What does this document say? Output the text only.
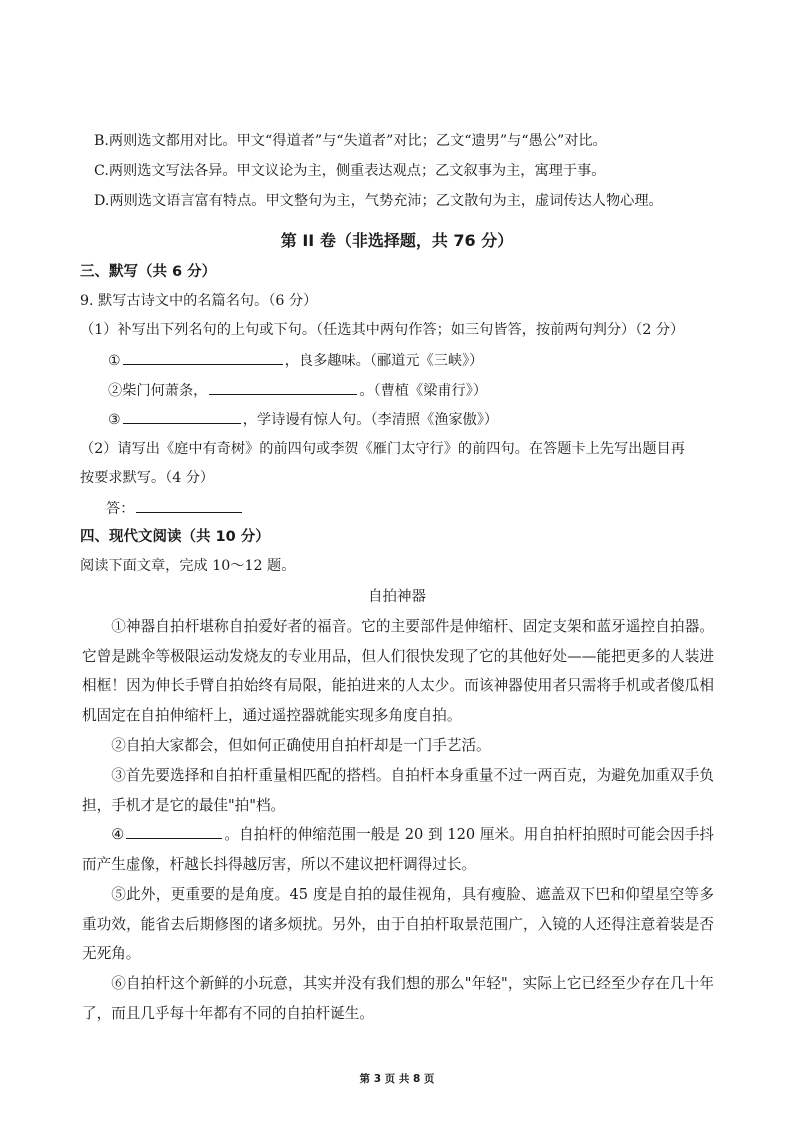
B.两则选文都用对比。甲文“得道者”与“失道者”对比；乙文“遗男”与“愚公”对比。
C.两则选文写法各异。甲文议论为主，侧重表达观点；乙文叙事为主，寓理于事。
D.两则选文语言富有特点。甲文整句为主，气势充沛；乙文散句为主，虚词传达人物心理。
第 II 卷（非选择题，共 76 分）
三、默写（共 6 分）
9. 默写古诗文中的名篇名句。（6 分）
（1）补写出下列名句的上句或下句。（任选其中两句作答；如三句皆答，按前两句判分）（2 分）
①	，良多趣味。（郦道元《三峡》）
②柴门何萧条，	。（曹植《梁甫行》）
③	，学诗谩有惊人句。（李清照《渔家傲》）
（2）请写出《庭中有奇树》的前四句或李贺《雁门太守行》的前四句。在答题卡上先写出题目再
按要求默写。（4 分）
答：
四、现代文阅读（共 10 分）
阅读下面文章，完成 10～12 题。
自拍神器
①神器自拍杆堪称自拍爱好者的福音。它的主要部件是伸缩杆、固定支架和蓝牙遥控自拍器。它曾是跳伞等极限运动发烧友的专业用品，但人们很快发现了它的其他好处——能把更多的人装进相框！因为伸长手臂自拍始终有局限，能拍进来的人太少。而该神器使用者只需将手机或者傻瓜相机固定在自拍伸缩杆上，通过遥控器就能实现多角度自拍。
②自拍大家都会，但如何正确使用自拍杆却是一门手艺活。
③首先要选择和自拍杆重量相匹配的搭档。自拍杆本身重量不过一两百克，为避免加重双手负担，手机才是它的最佳"拍"档。
④	。自拍杆的伸缩范围一般是 20 到 120 厘米。用自拍杆拍照时可能会因手抖而产生虚像，杆越长抖得越厉害，所以不建议把杆调得过长。
⑤此外，更重要的是角度。45 度是自拍的最佳视角，具有瘦脸、遮盖双下巴和仰望星空等多重功效，能省去后期修图的诸多烦扰。另外，由于自拍杆取景范围广，入镜的人还得注意着装是否无死角。
⑥自拍杆这个新鲜的小玩意，其实并没有我们想的那么"年轻"，实际上它已经至少存在几十年了，而且几乎每十年都有不同的自拍杆诞生。
第 3 页 共 8 页
